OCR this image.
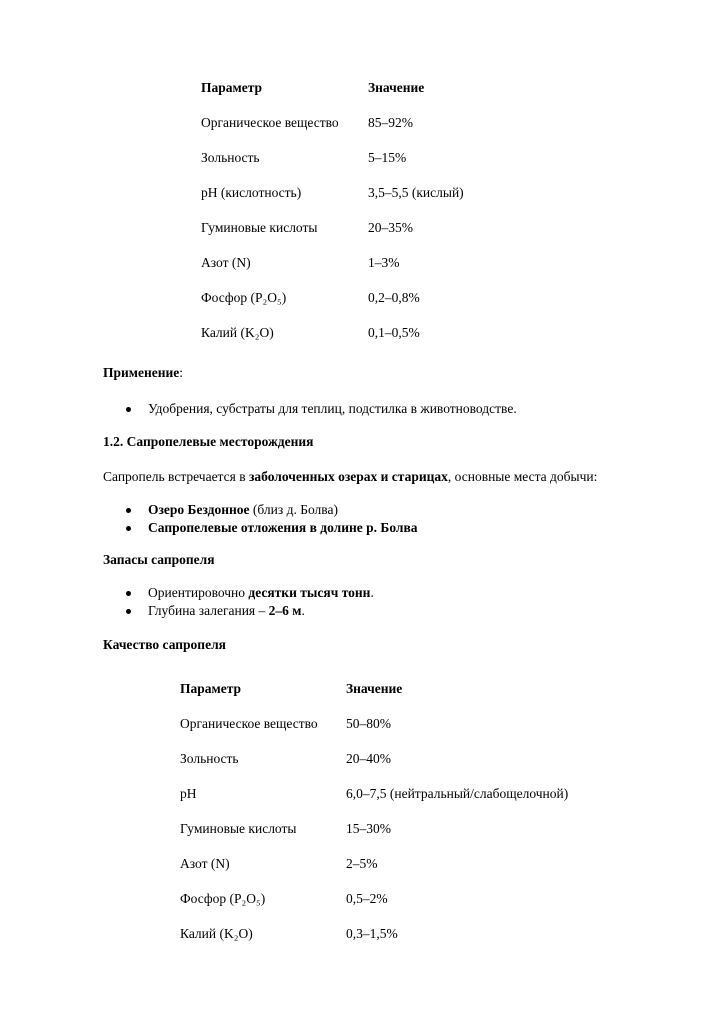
Параметр	Значение
Органическое вещество	85–92%
Зольность	5–15%
pH (кислотность)	3,5–5,5 (кислый)
Гуминовые кислоты	20–35%
Азот (N)	1–3%
Фосфор (P₂O₅)	0,2–0,8%
Калий (K₂O)	0,1–0,5%
Применение:
Удобрения, субстраты для теплиц, подстилка в животноводстве.
1.2. Сапропелевые месторождения
Сапропель встречается в заболоченных озерах и старицах, основные места добычи:
Озеро Бездонное (близ д. Болва)
Сапропелевые отложения в долине р. Болва
Запасы сапропеля
Ориентировочно десятки тысяч тонн.
Глубина залегания – 2–6 м.
Качество сапропеля
Параметр	Значение
Органическое вещество	50–80%
Зольность	20–40%
pH	6,0–7,5 (нейтральный/слабощелочной)
Гуминовые кислоты	15–30%
Азот (N)	2–5%
Фосфор (P₂O₅)	0,5–2%
Калий (K₂O)	0,3–1,5%
